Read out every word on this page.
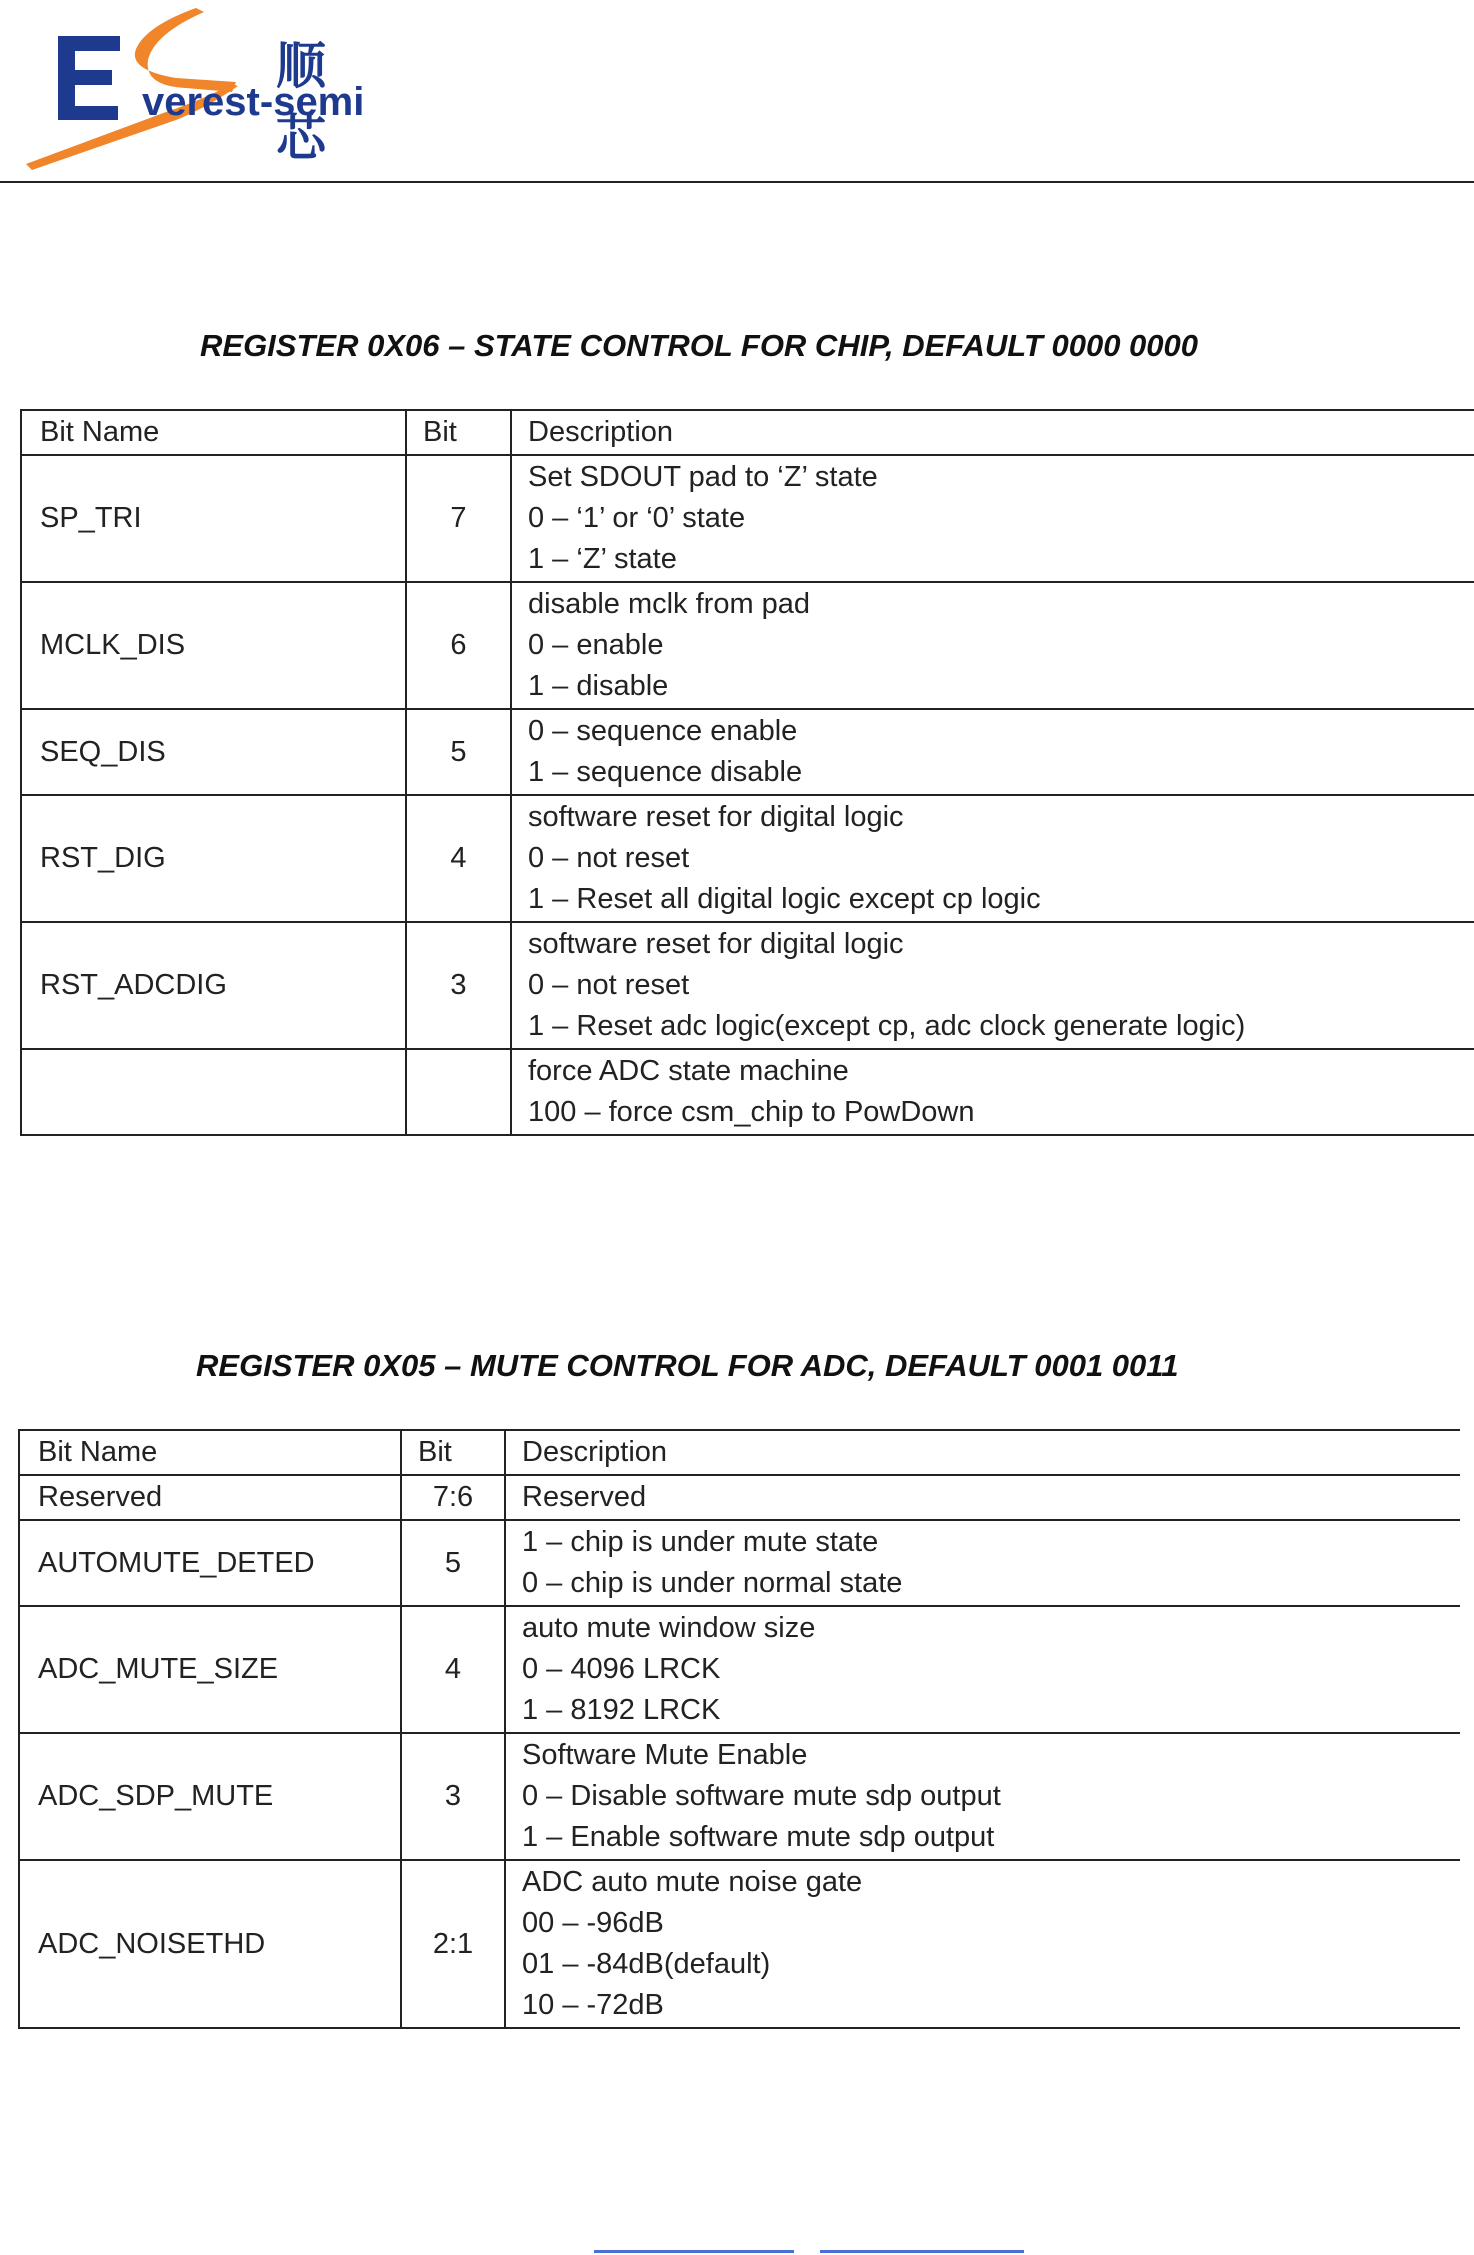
顺芯
verest-semi
REGISTER 0X06 – STATE CONTROL FOR CHIP, DEFAULT 0000 0000
Bit Name	Bit	Description
SP_TRI	7	Set SDOUT pad to ‘Z’ state
0 – ‘1’ or ‘0’ state
1 – ‘Z’ state

MCLK_DIS	6	disable mclk from pad
0 – enable
1 – disable

SEQ_DIS	5	0 – sequence enable
1 – sequence disable

RST_DIG	4	software reset for digital logic
0 – not reset
1 – Reset all digital logic except cp logic

RST_ADCDIG	3	software reset for digital logic
0 – not reset
1 – Reset adc logic(except cp, adc clock generate logic)

		force ADC state machine
100 – force csm_chip to PowDown
REGISTER 0X05 – MUTE CONTROL FOR ADC, DEFAULT 0001 0011
Bit Name	Bit	Description
Reserved	7:6	Reserved

AUTOMUTE_DETED	5	1 – chip is under mute state
0 – chip is under normal state

ADC_MUTE_SIZE	4	auto mute window size
0 – 4096 LRCK
1 – 8192 LRCK

ADC_SDP_MUTE	3	Software Mute Enable
0 – Disable software mute sdp output
1 – Enable software mute sdp output

ADC_NOISETHD	2:1	ADC auto mute noise gate
00 – -96dB
01 – -84dB(default)
10 – -72dB
